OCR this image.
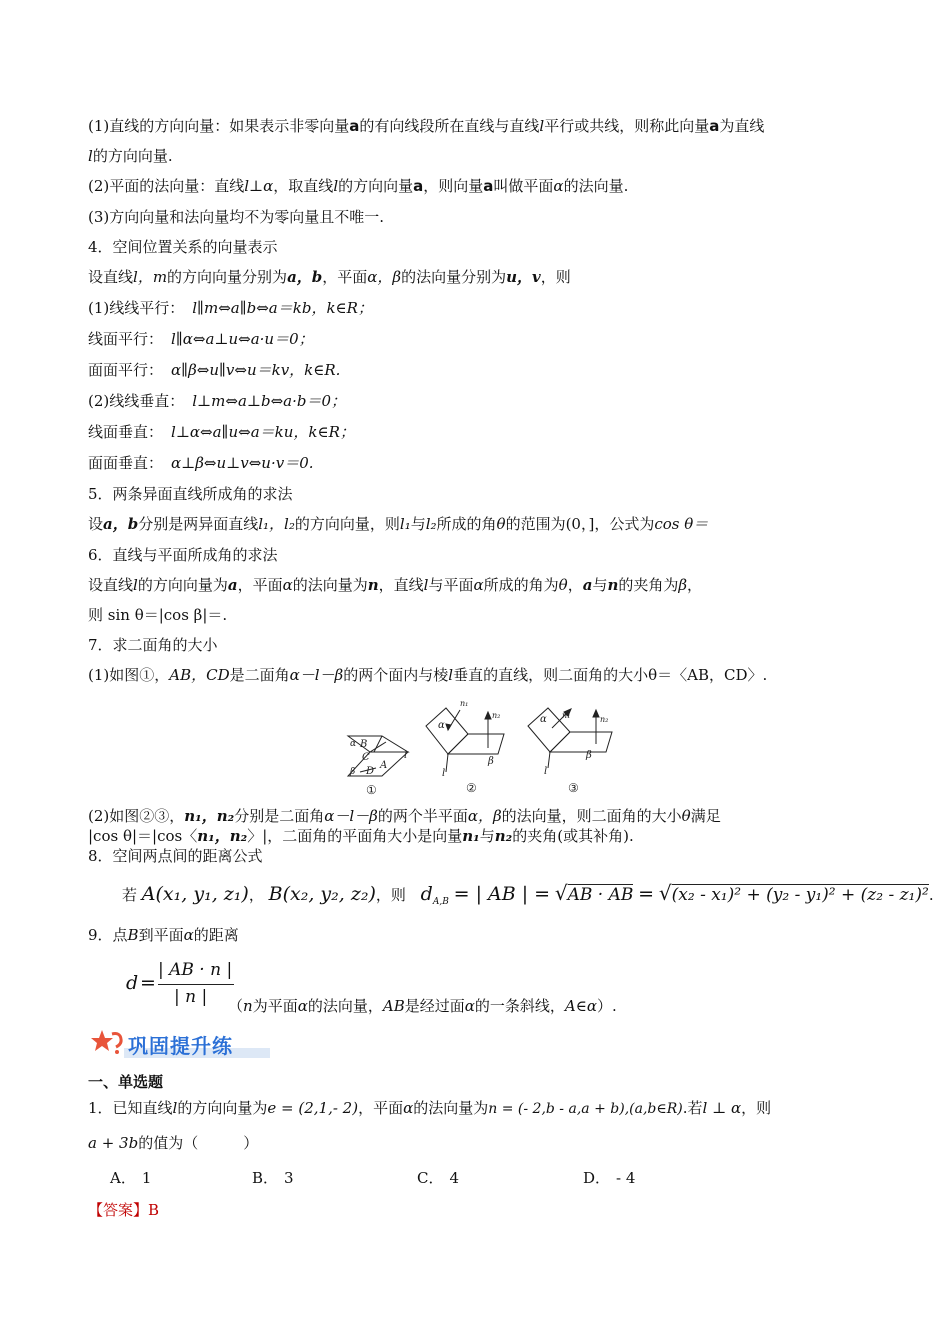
(1)直线的方向向量：如果表示非零向量a的有向线段所在直线与直线l平行或共线，则称此向量a为直线
l的方向向量.
(2)平面的法向量：直线l⊥α，取直线l的方向向量a，则向量a叫做平面α的法向量.
(3)方向向量和法向量均不为零向量且不唯一.
4．空间位置关系的向量表示
设直线l，m的方向向量分别为a，b，平面α，β的法向量分别为u，v，则
(1)线线平行： l∥m⇔a∥b⇔a＝kb，k∈R；
线面平行： l∥α⇔a⊥u⇔a·u＝0；
面面平行： α∥β⇔u∥v⇔u＝kv，k∈R.
(2)线线垂直： l⊥m⇔a⊥b⇔a·b＝0；
线面垂直： l⊥α⇔a∥u⇔a＝ku，k∈R；
面面垂直： α⊥β⇔u⊥v⇔u·v＝0.
5．两条异面直线所成角的求法
设a，b分别是两异面直线l₁，l₂的方向向量，则l₁与l₂所成的角θ的范围为(0，]，公式为cos θ＝
6．直线与平面所成角的求法
设直线l的方向向量为a，平面α的法向量为n，直线l与平面α所成的角为θ，a与n的夹角为β，
则 sin θ＝|cos β|＝.
7．求二面角的大小
(1)如图①，AB，CD是二面角α－l－β的两个面内与棱l垂直的直线，则二面角的大小θ＝〈AB，CD〉.
α B
C
A
β D
l
①
α
n₁
n₂
β
l
②
α n₁	n₂
β
l
③
(2)如图②③，n₁，n₂分别是二面角α－l－β的两个半平面α，β的法向量，则二面角的大小θ满足
|cos θ|＝|cos〈n₁，n₂〉|，二面角的平面角大小是向量n₁与n₂的夹角(或其补角).
8．空间两点间的距离公式
若 A(x₁, y₁, z₁)， B(x₂, y₂, z₂)，则 $d_{A,B}$ = | AB | = √AB · AB = √(x₂ - x₁)² + (y₂ - y₁)² + (z₂ - z₁)².
9．点B到平面α的距离
d =
| AB · n |
| n | （n为平面α的法向量，AB是经过面α的一条斜线，A∈α）.
巩固提升练
一、单选题
1．已知直线l的方向向量为e = (2,1,- 2)，平面α的法向量为n = (- 2,b - a,a + b),(a,b∈R).若l ⊥ α，则
a + 3b的值为（　　　）
A． 1	B． 3	C． 4	D． - 4
【答案】B
